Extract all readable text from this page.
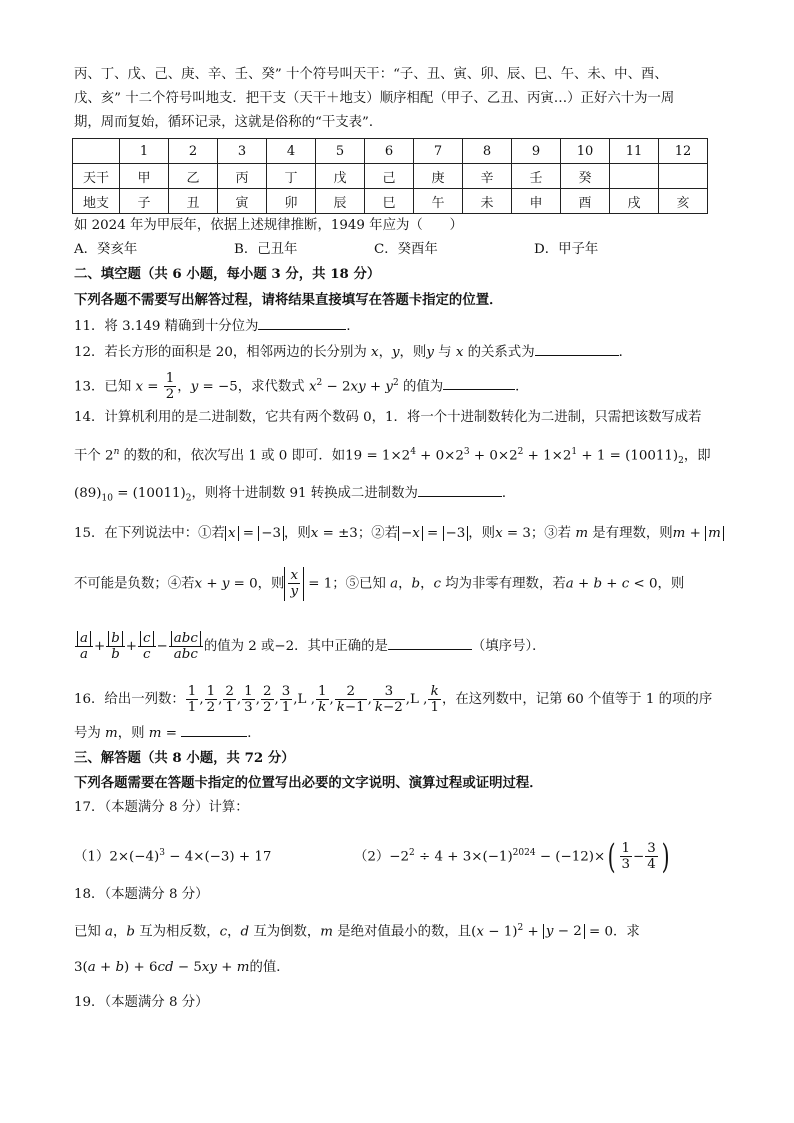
丙、丁、戊、己、庚、辛、壬、癸” 十个符号叫天干：“子、丑、寅、卯、辰、巳、午、未、中、酉、
戊、亥” 十二个符号叫地支．把干支（天干＋地支）顺序相配（甲子、乙丑、丙寅…）正好六十为一周
期，周而复始，循环记录，这就是俗称的“干支表”．
	1	2	3	4	5	6	7	8	9	10	11	12
天干	甲	乙	丙	丁	戊	己	庚	辛	壬	癸		
地支	子	丑	寅	卯	辰	巳	午	未	申	酉	戌	亥
如 2024 年为甲辰年，依据上述规律推断，1949 年应为（　　）
A．癸亥年	B．己丑年	C．癸酉年	D．甲子年
二、填空题（共 6 小题，每小题 3 分，共 18 分）
下列各题不需要写出解答过程，请将结果直接填写在答题卡指定的位置．
11．将 3.149 精确到十分位为	．
12．若长方形的面积是 20，相邻两边的长分别为 x，y，则y 与 x 的关系式为	．
13．已知 $x = \frac{1}{2}$ ，y = −5，求代数式 $x^2 - 2xy + y^2$ 的值为	．
14．计算机利用的是二进制数，它共有两个数码 0，1．将一个十进制数转化为二进制，只需把该数写成若
干个 2$^n$ 的数的和，依次写出 1 或 0 即可．如$19 = 1\times 2^4 + 0\times 2^3 + 0\times 2^2 + 1\times 2^1 + 1 = (10011)_2$，即
$(89)_{10} = (10011)_2$，则将十进制数 91 转换成二进制数为	．
15．在下列说法中：①若 x = −3 ，则x = ±3；②若 −x = −3 ，则x = 3；③若 m 是有理数，则m + m
不可能是负数；④若x + y = 0，则 $\frac{x}{y} = 1$；⑤已知 a，b，c 均为非零有理数，若a + b + c < 0，则
$\frac{a}{a} + \frac{b}{b} + \frac{c}{c} - \frac{\text{abc}}{\text{abc}}$ 的值为 2 或−2．其中正确的是	（填序号）．
16．给出一列数： $\frac{1}{1}$ , $\frac{1}{2}$ , $\frac{2}{1}$ , $\frac{1}{3}$ , $\frac{2}{2}$ , $\frac{3}{1} ,L$ , $\frac{1}{k}$ , $\frac{2}{k-1}$ , $\frac{3}{k-2} ,L$ , $\frac{k}{1}$ ，在这列数中，记第 60 个值等于 1 的项的序
号为 m，则 m =	．
三、解答题（共 8 小题，共 72 分）
下列各题需要在答题卡指定的位置写出必要的文字说明、演算过程或证明过程．
17．（本题满分 8 分）计算：
$(1)2\times(-4)^3 - 4\times(-3) + 17$	$(2)-2^2 \div 4 + 3\times(-1)^{2024} - (-12)\times( \frac{1}{3} - \frac{3}{4}$ )
18．（本题满分 8 分）
已知 a，b 互为相反数，c，d 互为倒数，m 是绝对值最小的数，且$(x - 1)^2 + y - 2 = 0$．求
3(a + b) + 6cd − 5xy + m的值．
19．（本题满分 8 分）
